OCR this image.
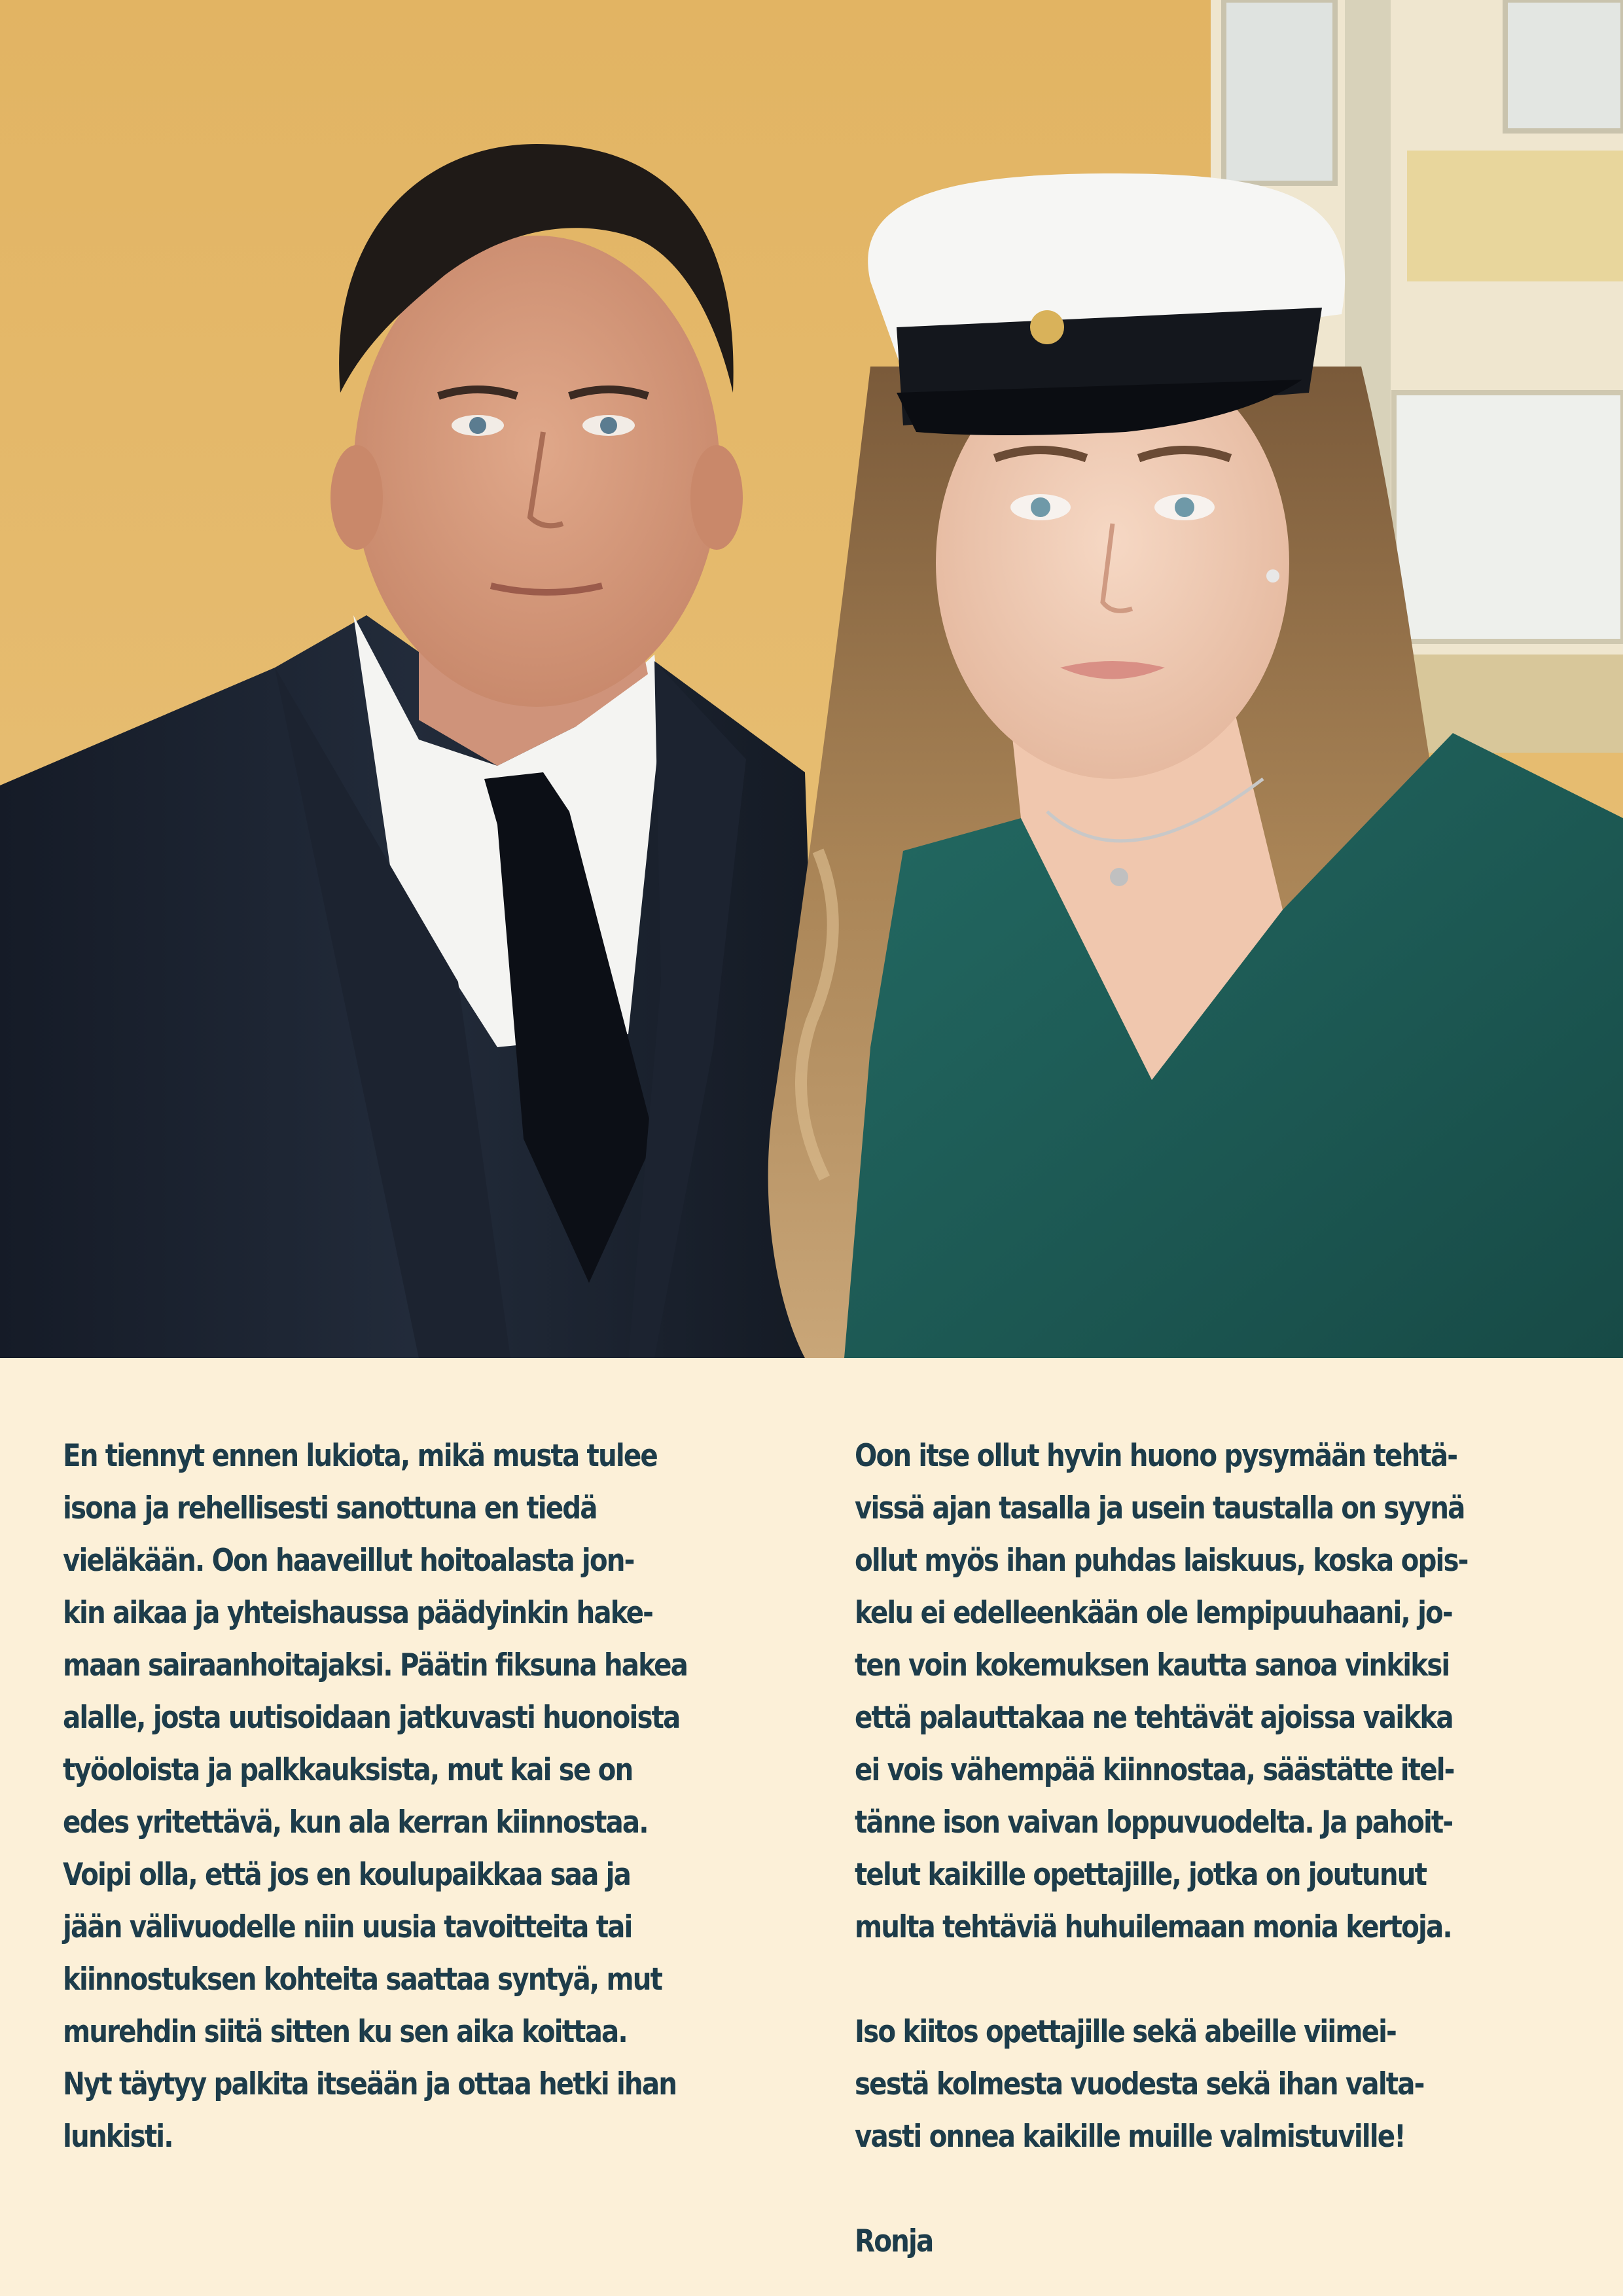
En tiennyt ennen lukiota, mikä musta tulee
isona ja rehellisesti sanottuna en tiedä
vieläkään. Oon haaveillut hoitoalasta jon-
kin aikaa ja yhteishaussa päädyinkin hake-
maan sairaanhoitajaksi. Päätin fiksuna hakea
alalle, josta uutisoidaan jatkuvasti huonoista
työoloista ja palkkauksista, mut kai se on
edes yritettävä, kun ala kerran kiinnostaa.
Voipi olla, että jos en koulupaikkaa saa ja
jään välivuodelle niin uusia tavoitteita tai
kiinnostuksen kohteita saattaa syntyä, mut
murehdin siitä sitten ku sen aika koittaa.
Nyt täytyy palkita itseään ja ottaa hetki ihan
lunkisti.
Oon itse ollut hyvin huono pysymään tehtä-
vissä ajan tasalla ja usein taustalla on syynä
ollut myös ihan puhdas laiskuus, koska opis-
kelu ei edelleenkään ole lempipuuhaani, jo-
ten voin kokemuksen kautta sanoa vinkiksi
että palauttakaa ne tehtävät ajoissa vaikka
ei vois vähempää kiinnostaa, säästätte itel-
tänne ison vaivan loppuvuodelta. Ja pahoit-
telut kaikille opettajille, jotka on joutunut
multa tehtäviä huhuilemaan monia kertoja.
Iso kiitos opettajille sekä abeille viimei-
sestä kolmesta vuodesta sekä ihan valta-
vasti onnea kaikille muille valmistuville!
Ronja
